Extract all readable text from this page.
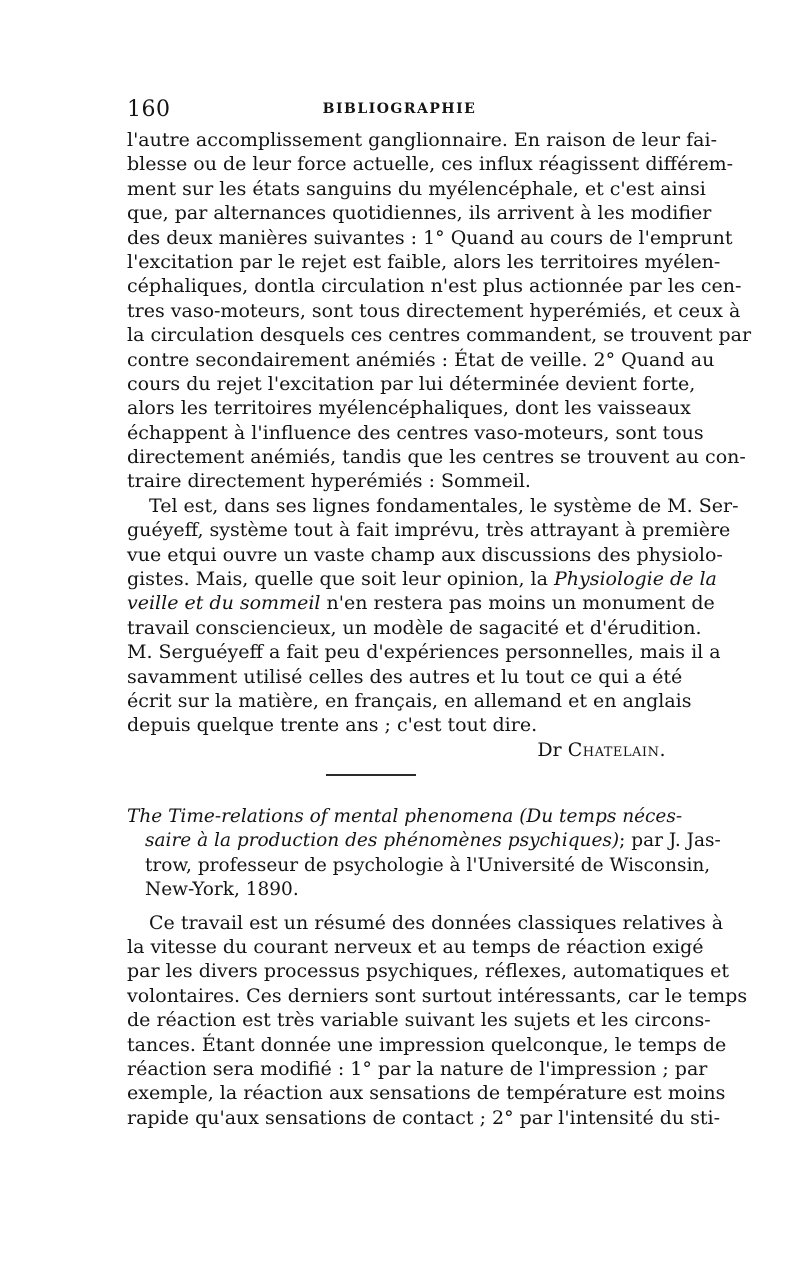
160	BIBLIOGRAPHIE
l'autre accomplissement ganglionnaire. En raison de leur fai-
blesse ou de leur force actuelle, ces influx réagissent différem-
ment sur les états sanguins du myélencéphale, et c'est ainsi
que, par alternances quotidiennes, ils arrivent à les modifier
des deux manières suivantes : 1° Quand au cours de l'emprunt
l'excitation par le rejet est faible, alors les territoires myélen-
céphaliques, dontla circulation n'est plus actionnée par les cen-
tres vaso-moteurs, sont tous directement hyperémiés, et ceux à
la circulation desquels ces centres commandent, se trouvent par
contre secondairement anémiés : État de veille. 2° Quand au
cours du rejet l'excitation par lui déterminée devient forte,
alors les territoires myélencéphaliques, dont les vaisseaux
échappent à l'influence des centres vaso-moteurs, sont tous
directement anémiés, tandis que les centres se trouvent au con-
traire directement hyperémiés : Sommeil.
Tel est, dans ses lignes fondamentales, le système de M. Ser-
guéyeff, système tout à fait imprévu, très attrayant à première
vue etqui ouvre un vaste champ aux discussions des physiolo-
gistes. Mais, quelle que soit leur opinion, la Physiologie de la
veille et du sommeil n'en restera pas moins un monument de
travail consciencieux, un modèle de sagacité et d'érudition.
M. Serguéyeff a fait peu d'expériences personnelles, mais il a
savamment utilisé celles des autres et lu tout ce qui a été
écrit sur la matière, en français, en allemand et en anglais
depuis quelque trente ans ; c'est tout dire.
Dr Chatelain.
The Time-relations of mental phenomena (Du temps néces-
saire à la production des phénomènes psychiques); par J. Jas-
trow, professeur de psychologie à l'Université de Wisconsin,
New-York, 1890.
Ce travail est un résumé des données classiques relatives à
la vitesse du courant nerveux et au temps de réaction exigé
par les divers processus psychiques, réflexes, automatiques et
volontaires. Ces derniers sont surtout intéressants, car le temps
de réaction est très variable suivant les sujets et les circons-
tances. Étant donnée une impression quelconque, le temps de
réaction sera modifié : 1° par la nature de l'impression ; par
exemple, la réaction aux sensations de température est moins
rapide qu'aux sensations de contact ; 2° par l'intensité du sti-
